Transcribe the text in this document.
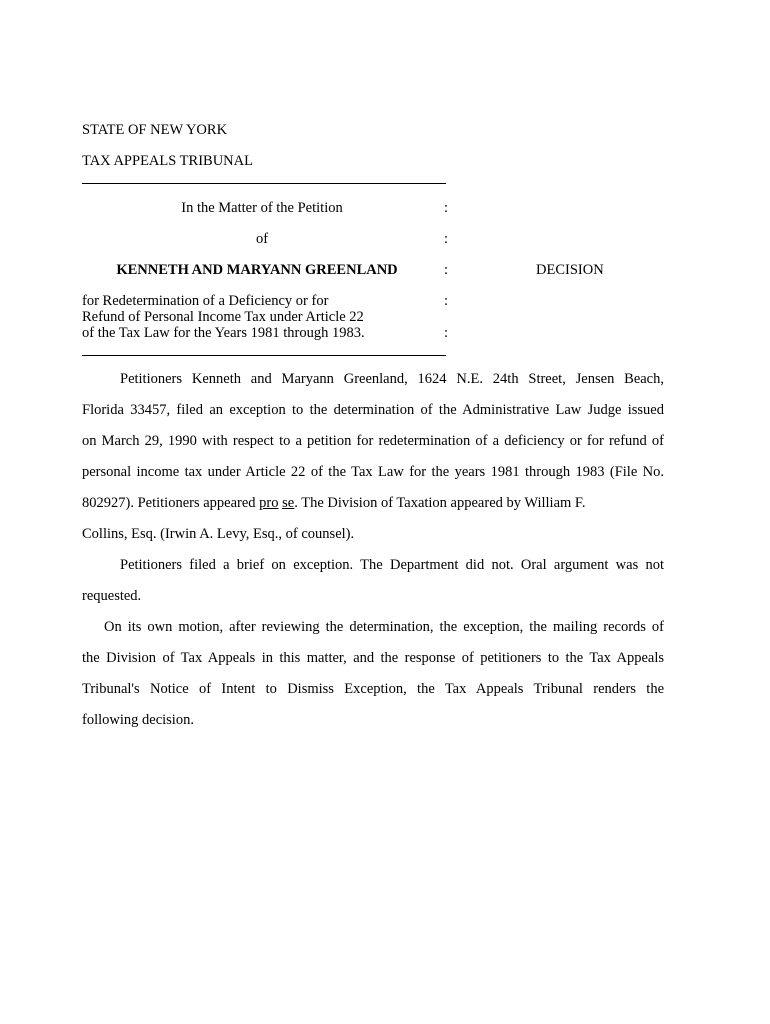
STATE OF NEW YORK
TAX APPEALS TRIBUNAL
In the Matter of the Petition
of
KENNETH AND MARYANN GREENLAND
for Redetermination of a Deficiency or for
Refund of Personal Income Tax under Article 22
of the Tax Law for the Years 1981 through 1983.
:
:
:
:
:
DECISION
Petitioners Kenneth and Maryann Greenland, 1624 N.E. 24th Street, Jensen Beach,
Florida 33457, filed an exception to the determination of the Administrative Law Judge issued
on March 29, 1990 with respect to a petition for redetermination of a deficiency or for refund of
personal income tax under Article 22 of the Tax Law for the years 1981 through 1983 (File No.
802927). Petitioners appeared pro se. The Division of Taxation appeared by William F.
Collins, Esq. (Irwin A. Levy, Esq., of counsel).
Petitioners filed a brief on exception. The Department did not. Oral argument was not
requested.
On its own motion, after reviewing the determination, the exception, the mailing records of
the Division of Tax Appeals in this matter, and the response of petitioners to the Tax Appeals
Tribunal's Notice of Intent to Dismiss Exception, the Tax Appeals Tribunal renders the
following decision.
